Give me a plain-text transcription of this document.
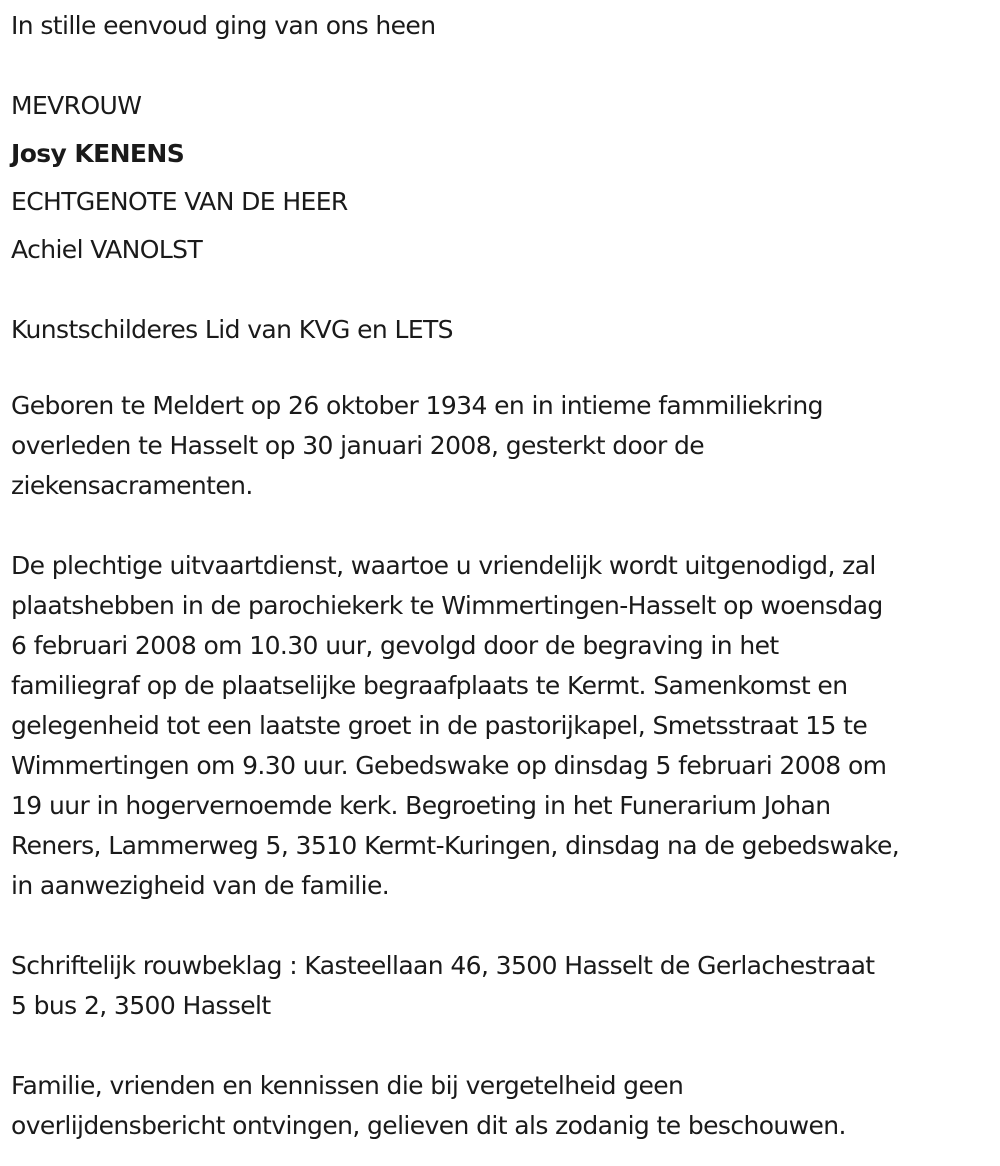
In stille eenvoud ging van ons heen
MEVROUW
Josy KENENS
ECHTGENOTE VAN DE HEER
Achiel VANOLST
Kunstschilderes Lid van KVG en LETS

Geboren te Meldert op 26 oktober 1934 en in intieme fammiliekring
overleden te Hasselt op 30 januari 2008, gesterkt door de
ziekensacramenten.

De plechtige uitvaartdienst, waartoe u vriendelijk wordt uitgenodigd, zal
plaatshebben in de parochiekerk te Wimmertingen-Hasselt op woensdag
6 februari 2008 om 10.30 uur, gevolgd door de begraving in het
familiegraf op de plaatselijke begraafplaats te Kermt. Samenkomst en
gelegenheid tot een laatste groet in de pastorijkapel, Smetsstraat 15 te
Wimmertingen om 9.30 uur. Gebedswake op dinsdag 5 februari 2008 om
19 uur in hogervernoemde kerk. Begroeting in het Funerarium Johan
Reners, Lammerweg 5, 3510 Kermt-Kuringen, dinsdag na de gebedswake,
in aanwezigheid van de familie.

Schriftelijk rouwbeklag : Kasteellaan 46, 3500 Hasselt de Gerlachestraat
5 bus 2, 3500 Hasselt

Familie, vrienden en kennissen die bij vergetelheid geen
overlijdensbericht ontvingen, gelieven dit als zodanig te beschouwen.
